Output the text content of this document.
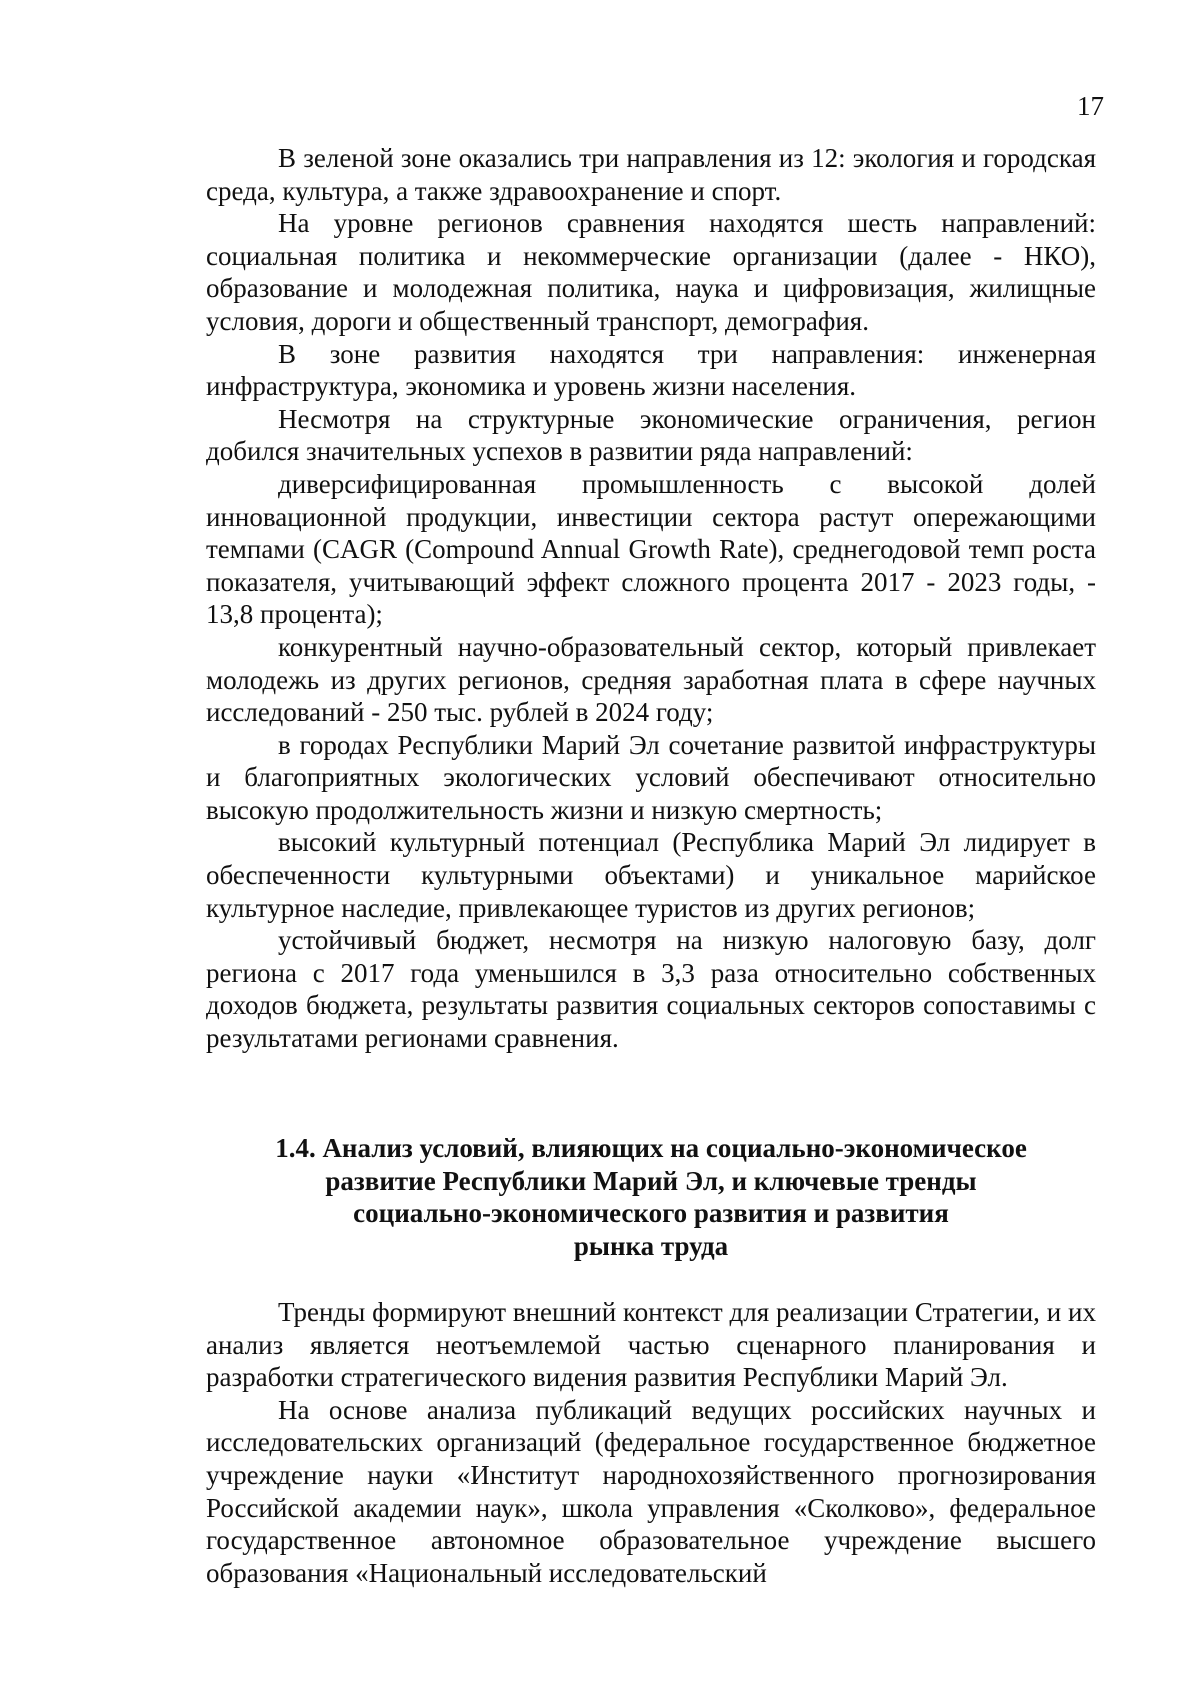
17

В зеленой зоне оказались три направления из 12: экология и городская среда, культура, а также здравоохранение и спорт.

На уровне регионов сравнения находятся шесть направлений: социальная политика и некоммерческие организации (далее - НКО), образование и молодежная политика, наука и цифровизация, жилищные условия, дороги и общественный транспорт, демография.

В зоне развития находятся три направления: инженерная инфраструктура, экономика и уровень жизни населения.

Несмотря на структурные экономические ограничения, регион добился значительных успехов в развитии ряда направлений:

диверсифицированная промышленность с высокой долей инновационной продукции, инвестиции сектора растут опережающими темпами (CAGR (Compound Annual Growth Rate), среднегодовой темп роста показателя, учитывающий эффект сложного процента 2017 - 2023 годы, - 13,8 процента);

конкурентный научно-образовательный сектор, который привлекает молодежь из других регионов, средняя заработная плата в сфере научных исследований - 250 тыс. рублей в 2024 году;

в городах Республики Марий Эл сочетание развитой инфраструктуры и благоприятных экологических условий обеспечивают относительно высокую продолжительность жизни и низкую смертность;

высокий культурный потенциал (Республика Марий Эл лидирует в обеспеченности культурными объектами) и уникальное марийское культурное наследие, привлекающее туристов из других регионов;

устойчивый бюджет, несмотря на низкую налоговую базу, долг региона с 2017 года уменьшился в 3,3 раза относительно собственных доходов бюджета, результаты развития социальных секторов сопоставимы с результатами регионами сравнения.

1.4. Анализ условий, влияющих на социально-экономическое
развитие Республики Марий Эл, и ключевые тренды
социально-экономического развития и развития
рынка труда

Тренды формируют внешний контекст для реализации Стратегии, и их анализ является неотъемлемой частью сценарного планирования и разработки стратегического видения развития Республики Марий Эл.

На основе анализа публикаций ведущих российских научных и исследовательских организаций (федеральное государственное бюджетное учреждение науки «Институт народнохозяйственного прогнозирования Российской академии наук», школа управления «Сколково», федеральное государственное автономное образовательное учреждение высшего образования «Национальный исследовательский
